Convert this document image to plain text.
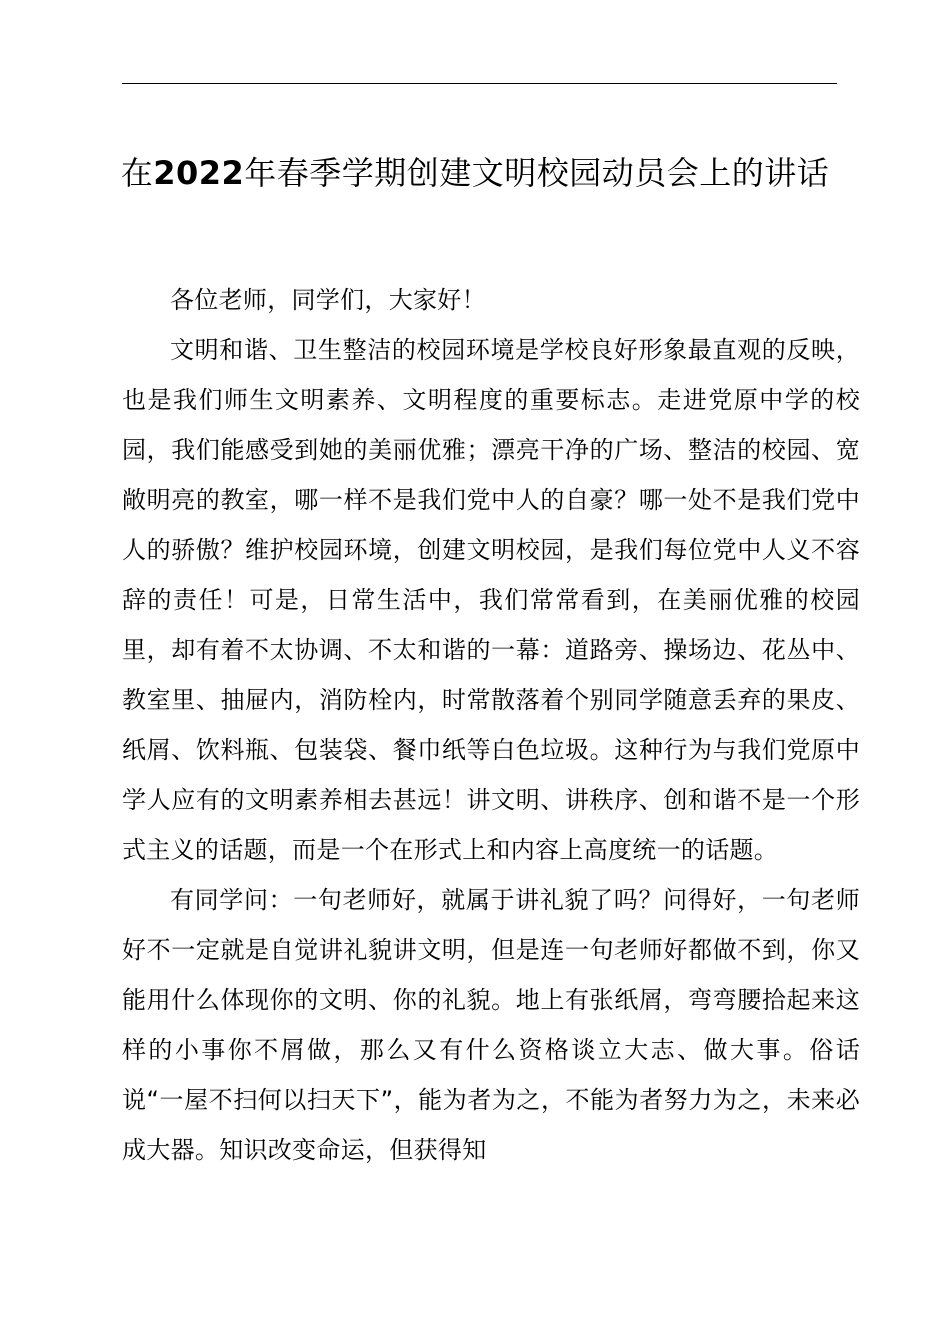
在2022年春季学期创建文明校园动员会上的讲话

各位老师，同学们，大家好！

文明和谐、卫生整洁的校园环境是学校良好形象最直观的反映，也是我们师生文明素养、文明程度的重要标志。走进党原中学的校园，我们能感受到她的美丽优雅；漂亮干净的广场、整洁的校园、宽敞明亮的教室，哪一样不是我们党中人的自豪？哪一处不是我们党中人的骄傲？维护校园环境，创建文明校园，是我们每位党中人义不容辞的责任！可是，日常生活中，我们常常看到，在美丽优雅的校园里，却有着不太协调、不太和谐的一幕：道路旁、操场边、花丛中、教室里、抽屉内，消防栓内，时常散落着个别同学随意丢弃的果皮、纸屑、饮料瓶、包装袋、餐巾纸等白色垃圾。这种行为与我们党原中学人应有的文明素养相去甚远！讲文明、讲秩序、创和谐不是一个形式主义的话题，而是一个在形式上和内容上高度统一的话题。

有同学问：一句老师好，就属于讲礼貌了吗？问得好，一句老师好不一定就是自觉讲礼貌讲文明，但是连一句老师好都做不到，你又能用什么体现你的文明、你的礼貌。地上有张纸屑，弯弯腰拾起来这样的小事你不屑做，那么又有什么资格谈立大志、做大事。俗话说“一屋不扫何以扫天下”，能为者为之，不能为者努力为之，未来必成大器。知识改变命运，但获得知
